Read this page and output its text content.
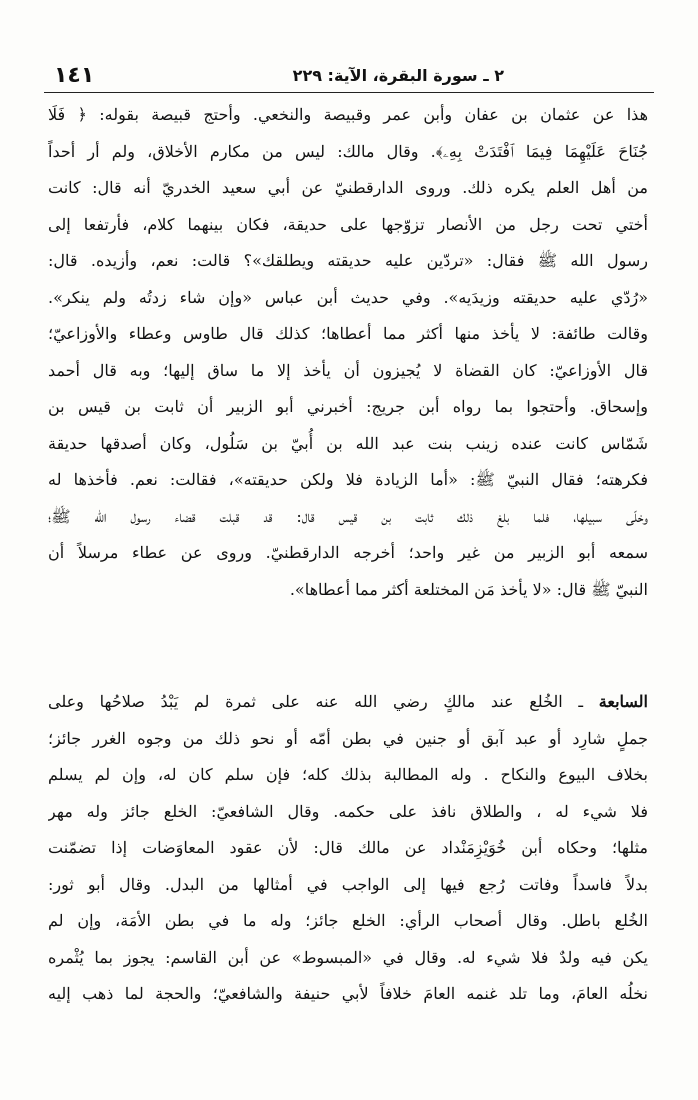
١٤١	٢ ـ سورة البقرة، الآية: ٢٢٩
هذا عن عثمان بن عفان وأبن عمر وقبيصة والنخعي. وأحتج قبيصة بقوله: ﴿ فَلَا
جُنَاحَ عَلَيْهِمَا فِيمَا ٱفْتَدَتْ بِهِۦ﴾. وقال مالك: ليس من مكارم الأخلاق، ولم أر أحداً
من أهل العلم يكره ذلك. وروى الدارقطنيّ عن أبي سعيد الخدريّ أنه قال: كانت
أختي تحت رجل من الأنصار تزوّجها على حديقة، فكان بينهما كلام، فأرتفعا إلى
رسول الله ﷺ فقال: «تردّين عليه حديقته ويطلقك»؟ قالت: نعم، وأزيده. قال:
«رُدّي عليه حديقته وزيدَيه». وفي حديث أبن عباس «وإن شاء زدتُه ولم ينكر».
وقالت طائفة: لا يأخذ منها أكثر مما أعطاها؛ كذلك قال طاوس وعطاء والأوزاعيّ؛
قال الأوزاعيّ: كان القضاة لا يُجيزون أن يأخذ إلا ما ساق إليها؛ وبه قال أحمد
وإسحاق. وأحتجوا بما رواه أبن جريج: أخبرني أبو الزبير أن ثابت بن قيس بن
شَمّاس كانت عنده زينب بنت عبد الله بن أُبيّ بن سَلُول، وكان أصدقها حديقة
فكرهته؛ فقال النبيّ ﷺ: «أما الزيادة فلا ولكن حديقته»، فقالت: نعم. فأخذها له
وخلّى سبيلها، فلما بلغ ذلك ثابت بن قيس قال: قد قبلت قضاء رسول الله ﷺ؛
سمعه أبو الزبير من غير واحد؛ أخرجه الدارقطنيّ. وروى عن عطاء مرسلاً أن
النبيّ ﷺ قال: «لا يأخذ مَن المختلعة أكثر مما أعطاها».
السابعة ـ الخُلع عند مالكٍ رضي الله عنه على ثمرة لم يَبْدُ صلاحُها وعلى
جملٍ شارِد أو عبد آبق أو جنين في بطن أمّه أو نحو ذلك من وجوه الغرر جائز؛
بخلاف البيوع والنكاح . وله المطالبة بذلك كله؛ فإن سلم كان له، وإن لم يسلم
فلا شيء له ، والطلاق نافذ على حكمه. وقال الشافعيّ: الخلع جائز وله مهر
مثلها؛ وحكاه أبن خُوَيْزِمَنْداد عن مالك قال: لأن عقود المعاوَضات إذا تضمّنت
بدلاً فاسداً وفاتت رُجع فيها إلى الواجب في أمثالها من البدل. وقال أبو ثور:
الخُلع باطل. وقال أصحاب الرأي: الخلع جائز؛ وله ما في بطن الأمَة، وإن لم
يكن فيه ولدٌ فلا شيء له. وقال في «المبسوط» عن أبن القاسم: يجوز بما يُثْمره
نخلُه العامَ، وما تلد غنمه العامَ خلافاً لأبي حنيفة والشافعيّ؛ والحجة لما ذهب إليه
